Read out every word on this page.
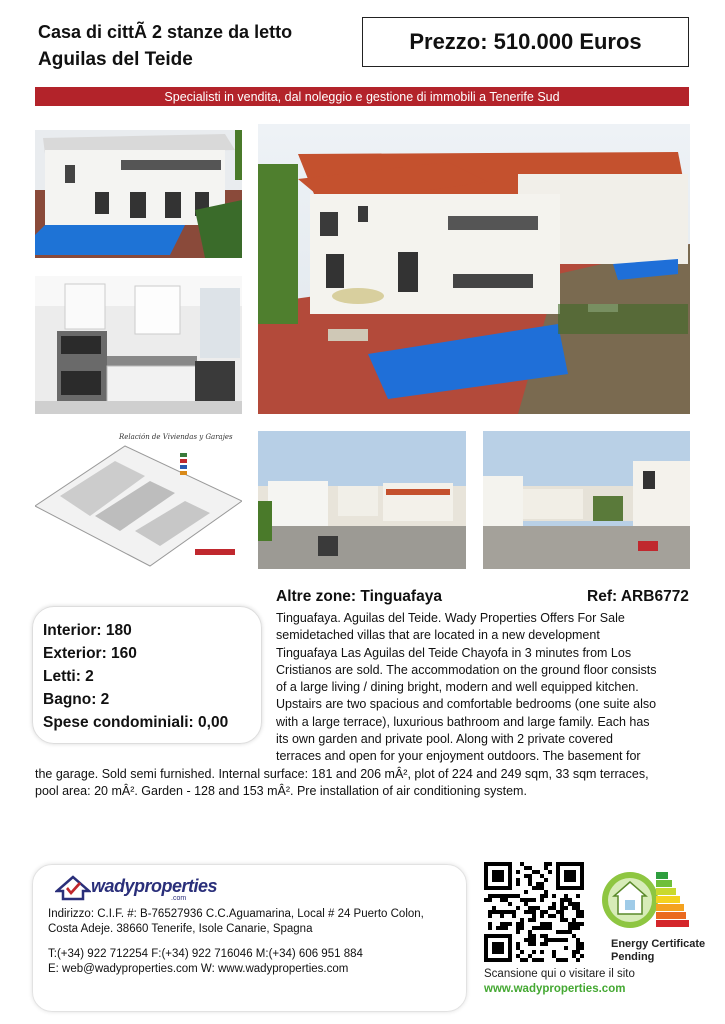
Casa di cittÃ 2 stanze da letto
Aguilas del Teide
Prezzo: 510.000 Euros
Specialisti in vendita, dal noleggio e gestione di immobili a Tenerife Sud
Relación de Viviendas y Garajes
Interior: 180
Exterior: 160
Letti: 2
Bagno: 2
Spese condominiali: 0,00
Altre zone: Tinguafaya	Ref: ARB6772
Tinguafaya. Aguilas del Teide. Wady Properties Offers For Sale
semidetached villas that are located in a new development
Tinguafaya Las Aguilas del Teide Chayofa in 3 minutes from Los
Cristianos are sold. The accommodation on the ground floor consists
of a large living / dining bright, modern and well equipped kitchen.
Upstairs are two spacious and comfortable bedrooms (one suite also
with a large terrace), luxurious bathroom and large family. Each has
its own garden and private pool. Along with 2 private covered
terraces and open for your enjoyment outdoors. The basement for
the garage. Sold semi furnished. Internal surface: 181 and 206 mÂ², plot of 224 and 249 sqm, 33 sqm terraces,
pool area: 20 mÂ². Garden - 128 and 153 mÂ². Pre installation of air conditioning system.
wadyproperties
.com
Indirizzo: C.I.F. #: B-76527936 C.C.Aguamarina, Local # 24 Puerto Colon,
Costa Adeje. 38660 Tenerife, Isole Canarie, Spagna
T:(+34) 922 712254 F:(+34) 922 716046 M:(+34) 606 951 884
E: web@wadyproperties.com W: www.wadyproperties.com
Energy Certificate
Pending
Scansione qui o visitare il sito
www.wadyproperties.com
